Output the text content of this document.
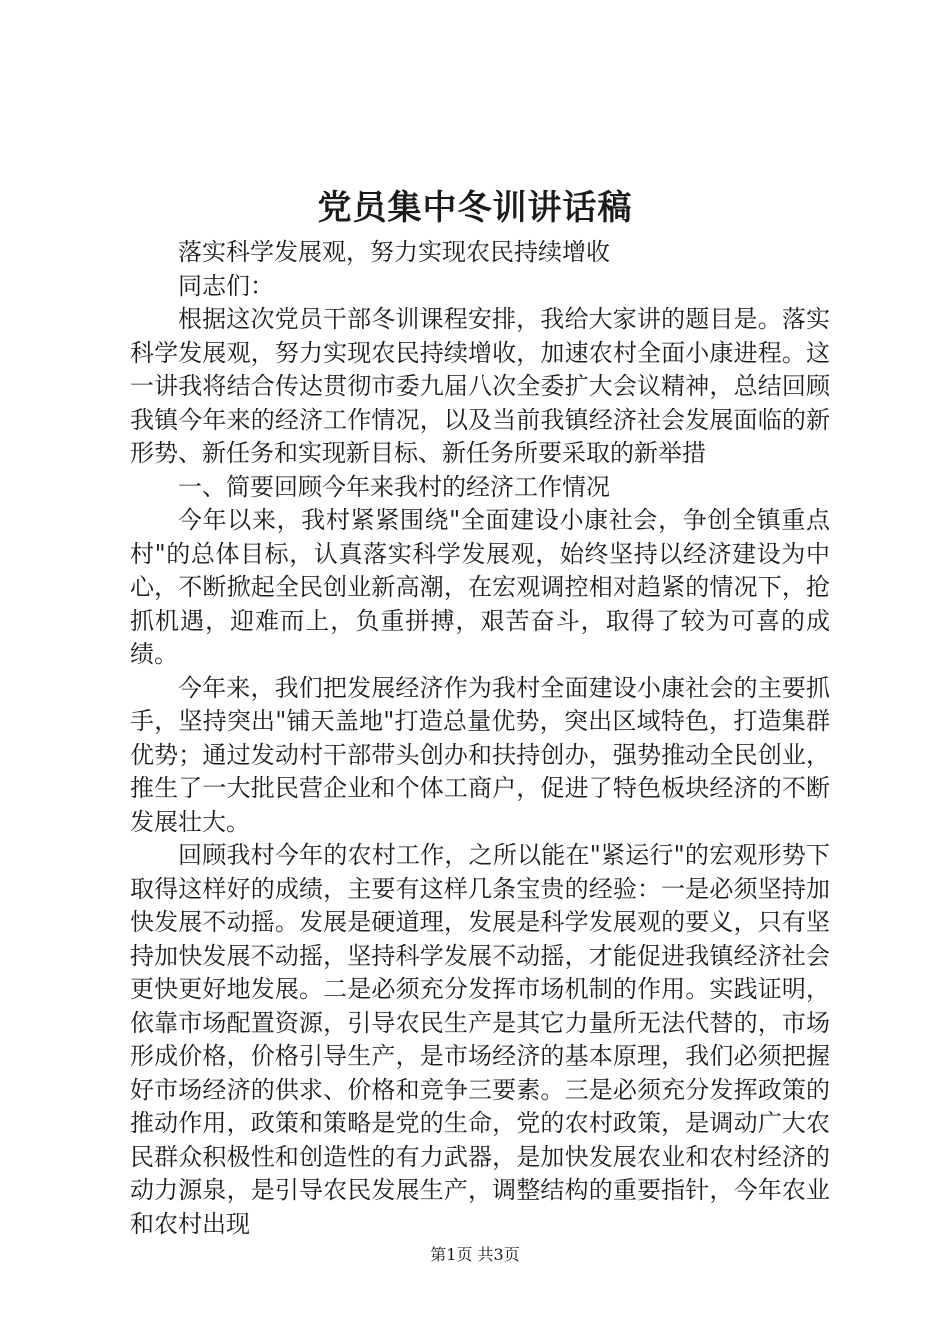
党员集中冬训讲话稿

落实科学发展观，努力实现农民持续增收

同志们：

根据这次党员干部冬训课程安排，我给大家讲的题目是。落实科学发展观，努力实现农民持续增收，加速农村全面小康进程。这一讲我将结合传达贯彻市委九届八次全委扩大会议精神，总结回顾我镇今年来的经济工作情况，以及当前我镇经济社会发展面临的新形势、新任务和实现新目标、新任务所要采取的新举措

一、简要回顾今年来我村的经济工作情况

今年以来，我村紧紧围绕"全面建设小康社会，争创全镇重点村"的总体目标，认真落实科学发展观，始终坚持以经济建设为中心，不断掀起全民创业新高潮，在宏观调控相对趋紧的情况下，抢抓机遇，迎难而上，负重拼搏，艰苦奋斗，取得了较为可喜的成绩。

今年来，我们把发展经济作为我村全面建设小康社会的主要抓手，坚持突出"铺天盖地"打造总量优势，突出区域特色，打造集群优势；通过发动村干部带头创办和扶持创办，强势推动全民创业，推生了一大批民营企业和个体工商户，促进了特色板块经济的不断发展壮大。

回顾我村今年的农村工作，之所以能在"紧运行"的宏观形势下取得这样好的成绩，主要有这样几条宝贵的经验：一是必须坚持加快发展不动摇。发展是硬道理，发展是科学发展观的要义，只有坚持加快发展不动摇，坚持科学发展不动摇，才能促进我镇经济社会更快更好地发展。二是必须充分发挥市场机制的作用。实践证明，依靠市场配置资源，引导农民生产是其它力量所无法代替的，市场形成价格，价格引导生产，是市场经济的基本原理，我们必须把握好市场经济的供求、价格和竞争三要素。三是必须充分发挥政策的推动作用，政策和策略是党的生命，党的农村政策，是调动广大农民群众积极性和创造性的有力武器，是加快发展农业和农村经济的动力源泉，是引导农民发展生产，调整结构的重要指针，今年农业和农村出现

第1页 共3页
